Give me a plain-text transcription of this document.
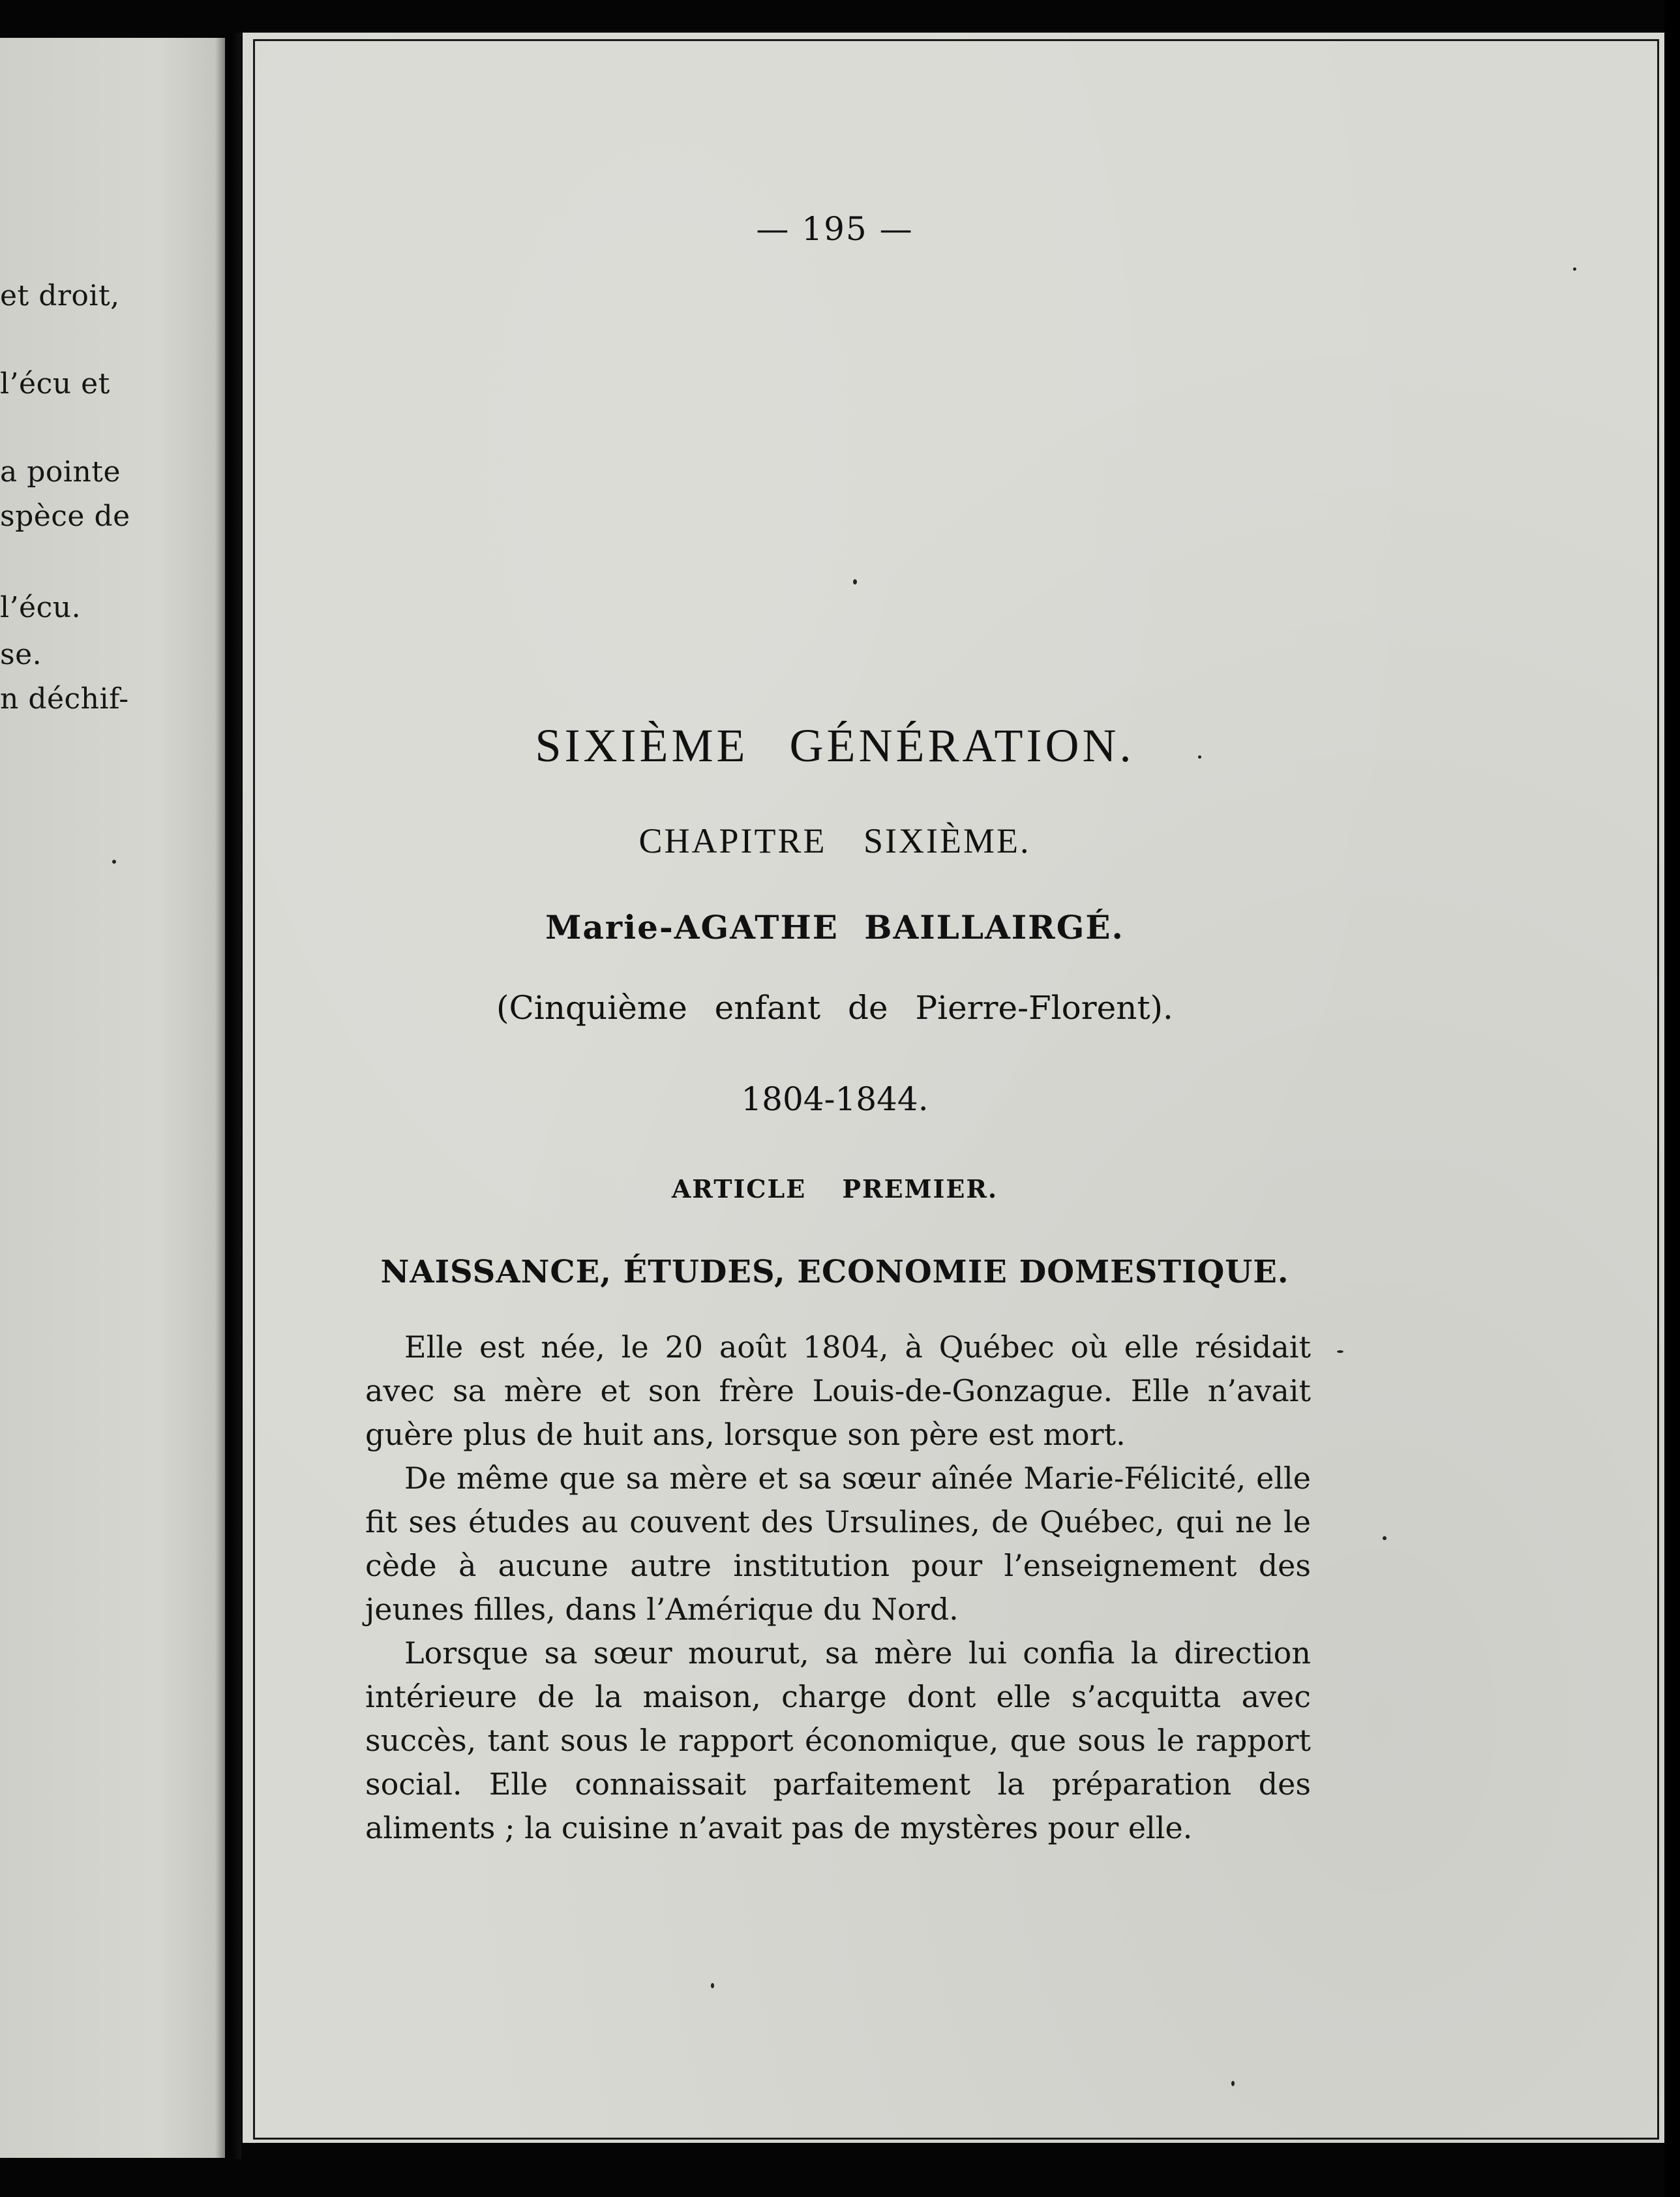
et droit,
l’écu et
a pointe
spèce de
l’écu.
se.
n déchif-
— 195 —
SIXIÈME GÉNÉRATION.
CHAPITRE SIXIÈME.
Marie-AGATHE BAILLAIRGÉ.
(Cinquième enfant de Pierre-Florent).
1804-1844.
ARTICLE PREMIER.
NAISSANCE, ÉTUDES, ECONOMIE DOMESTIQUE.

Elle est née, le 20 août 1804, à Québec où elle résidait avec sa mère et son frère Louis-de-Gonzague. Elle n’avait guère plus de huit ans, lorsque son père est mort.

De même que sa mère et sa sœur aînée Marie-Félicité, elle fit ses études au couvent des Ursulines, de Québec, qui ne le cède à aucune autre institution pour l’enseignement des jeunes filles, dans l’Amérique du Nord.

Lorsque sa sœur mourut, sa mère lui confia la direction intérieure de la maison, charge dont elle s’acquitta avec succès, tant sous le rapport économique, que sous le rapport social. Elle connaissait parfaitement la préparation des aliments ; la cuisine n’avait pas de mystères pour elle.
